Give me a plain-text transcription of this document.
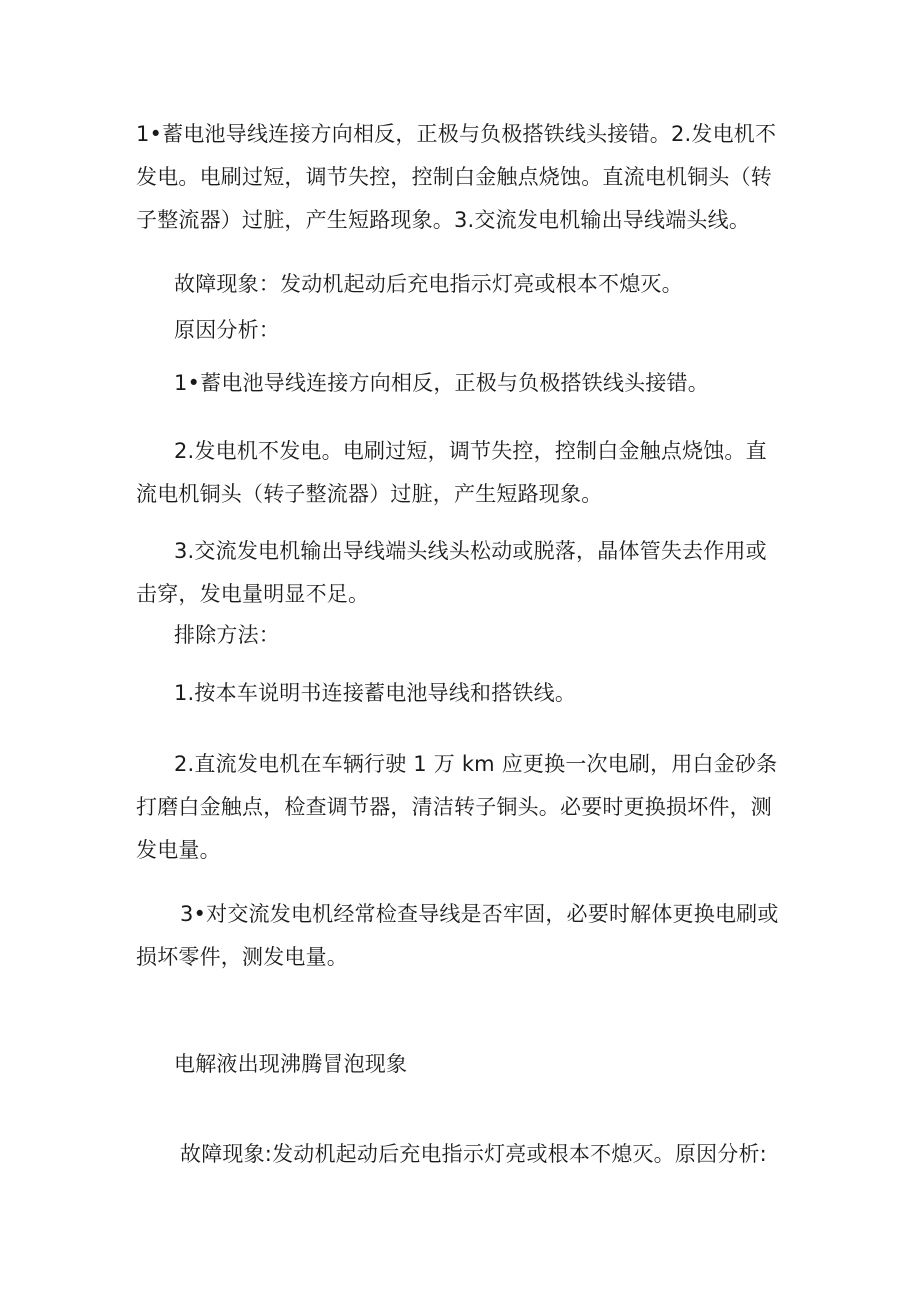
1•蓄电池导线连接方向相反，正极与负极搭铁线头接错。2.发电机不发电。电刷过短，调节失控，控制白金触点烧蚀。直流电机铜头（转子整流器）过脏，产生短路现象。3.交流发电机输出导线端头线。

故障现象：发动机起动后充电指示灯亮或根本不熄灭。

原因分析：

1•蓄电池导线连接方向相反，正极与负极搭铁线头接错。

2.发电机不发电。电刷过短，调节失控，控制白金触点烧蚀。直流电机铜头（转子整流器）过脏，产生短路现象。

3.交流发电机输出导线端头线头松动或脱落，晶体管失去作用或击穿，发电量明显不足。

排除方法：

1.按本车说明书连接蓄电池导线和搭铁线。

2.直流发电机在车辆行驶 1 万 km 应更换一次电刷，用白金砂条打磨白金触点，检查调节器，清洁转子铜头。必要时更换损坏件，测发电量。

3•对交流发电机经常检查导线是否牢固，必要时解体更换电刷或损坏零件，测发电量。

电解液出现沸腾冒泡现象

故障现象:发动机起动后充电指示灯亮或根本不熄灭。原因分析:
